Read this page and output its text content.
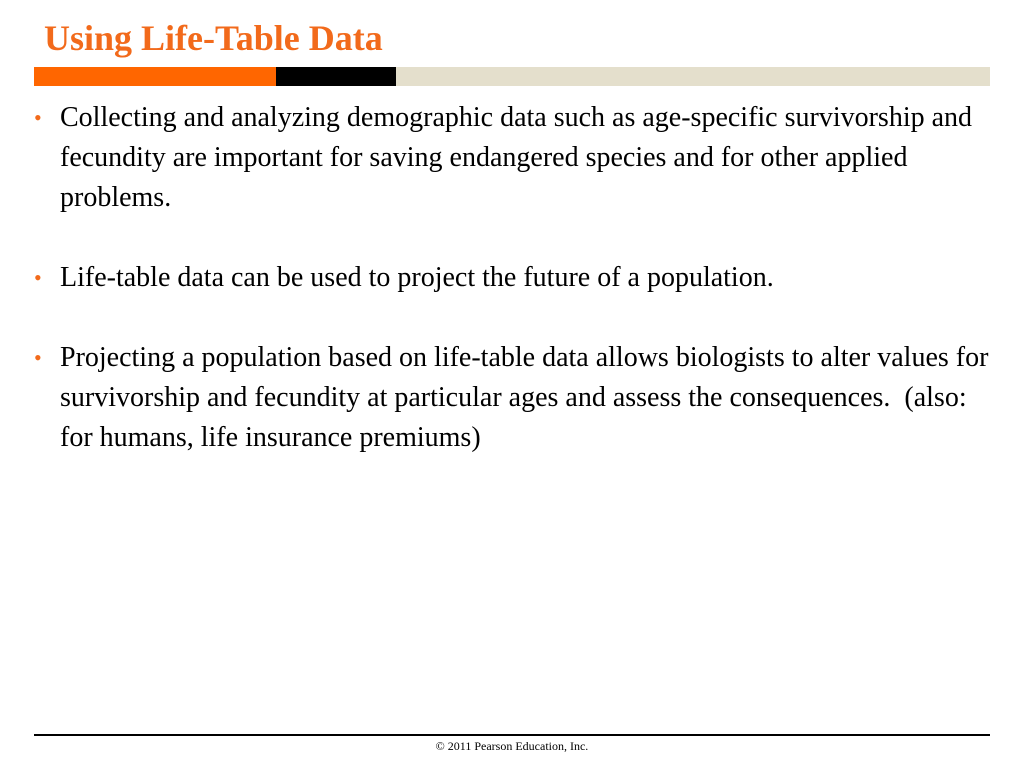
Using Life-Table Data
• Collecting and analyzing demographic data such as age-specific survivorship and fecundity are important for saving endangered species and for other applied problems.
• Life-table data can be used to project the future of a population.
• Projecting a population based on life-table data allows biologists to alter values for survivorship and fecundity at particular ages and assess the consequences.  (also:  for humans, life insurance premiums)
© 2011 Pearson Education, Inc.
